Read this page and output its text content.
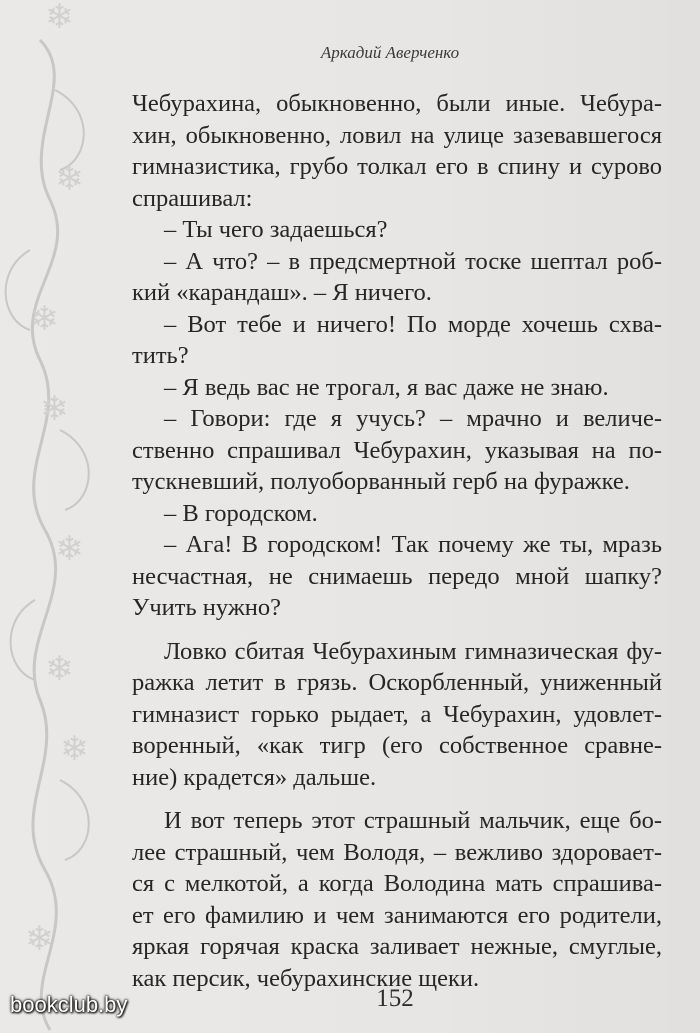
❄
❄
❄
❄
❄
❄
❄
❄
Аркадий Аверченко
Чебурахина, обыкновенно, были иные. Чебура-
хин, обыкновенно, ловил на улице зазевавшегося
гимназистика, грубо толкал его в спину и сурово
спрашивал:
– Ты чего задаешься?
– А что? – в предсмертной тоске шептал роб-
кий «карандаш». – Я ничего.
– Вот тебе и ничего! По морде хочешь схва-
тить?
– Я ведь вас не трогал, я вас даже не знаю.
– Говори: где я учусь? – мрачно и величе-
ственно спрашивал Чебурахин, указывая на по-
тускневший, полуоборванный герб на фуражке.
– В городском.
– Ага! В городском! Так почему же ты, мразь
несчастная, не снимаешь передо мной шапку?
Учить нужно?
Ловко сбитая Чебурахиным гимназическая фу-
ражка летит в грязь. Оскорбленный, униженный
гимназист горько рыдает, а Чебурахин, удовлет-
воренный, «как тигр (его собственное сравне-
ние) крадется» дальше.
И вот теперь этот страшный мальчик, еще бо-
лее страшный, чем Володя, – вежливо здоровает-
ся с мелкотой, а когда Володина мать спрашива-
ет его фамилию и чем занимаются его родители,
яркая горячая краска заливает нежные, смуглые,
как персик, чебурахинские щеки.
152
bookclub.by
